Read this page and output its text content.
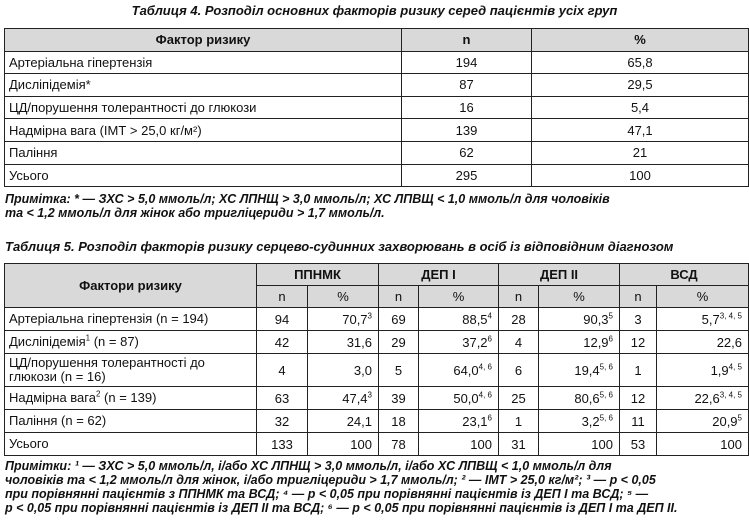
Таблиця 4. Розподіл основних факторів ризику серед пацієнтів усіх груп
Фактор ризику	n	%
Артеріальна гіпертензія	194	65,8
Дисліпідемія*	87	29,5
ЦД/порушення толерантності до глюкози	16	5,4
Надмірна вага (ІМТ > 25,0 кг/м²)	139	47,1
Паління	62	21
Усього	295	100
Примітка: * — ЗХС > 5,0 ммоль/л; ХС ЛПНЩ > 3,0 ммоль/л; ХС ЛПВЩ < 1,0 ммоль/л для чоловіків
та < 1,2 ммоль/л для жінок або тригліцериди > 1,7 ммоль/л.
Таблиця 5. Розподіл факторів ризику серцево-судинних захворювань в осіб із відповідним діагнозом
Фактори ризику	ППНМК		ДЕП І		ДЕП ІІ		ВСД	
	n	%	n	%	n	%	n	%
Артеріальна гіпертензія (n = 194)	94	70,7$^3$	69	88,5$^4$	28	90,3$^5$	3	5,7$^{3, 4, 5}$
Дисліпідемія$^1$ (n = 87)	42	31,6	29	37,2$^6$	4	12,9$^6$	12	22,6
ЦД/порушення толерантності до глюкози (n = 16)	4	3,0	5	64,0$^{4, 6}$	6	19,4$^{5, 6}$	1	1,9$^{4, 5}$
Надмірна вага$^2$ (n = 139)	63	47,4$^3$	39	50,0$^{4, 6}$	25	80,6$^{5, 6}$	12	22,6$^{3, 4, 5}$
Паління (n = 62)	32	24,1	18	23,1$^6$	1	3,2$^{5, 6}$	11	20,9$^5$
Усього	133	100	78	100	31	100	53	100
Примітки: ¹ — ЗХС > 5,0 ммоль/л, і/або ХС ЛПНЩ > 3,0 ммоль/л, і/або ХС ЛПВЩ < 1,0 ммоль/л для
чоловіків та < 1,2 ммоль/л для жінок, і/або тригліцериди > 1,7 ммоль/л; ² — ІМТ > 25,0 кг/м²; ³ — p < 0,05
при порівнянні пацієнтів з ППНМК та ВСД; ⁴ — p < 0,05 при порівнянні пацієнтів із ДЕП І та ВСД; ⁵ —
p < 0,05 при порівнянні пацієнтів із ДЕП ІІ та ВСД; ⁶ — p < 0,05 при порівнянні пацієнтів із ДЕП І та ДЕП ІІ.
